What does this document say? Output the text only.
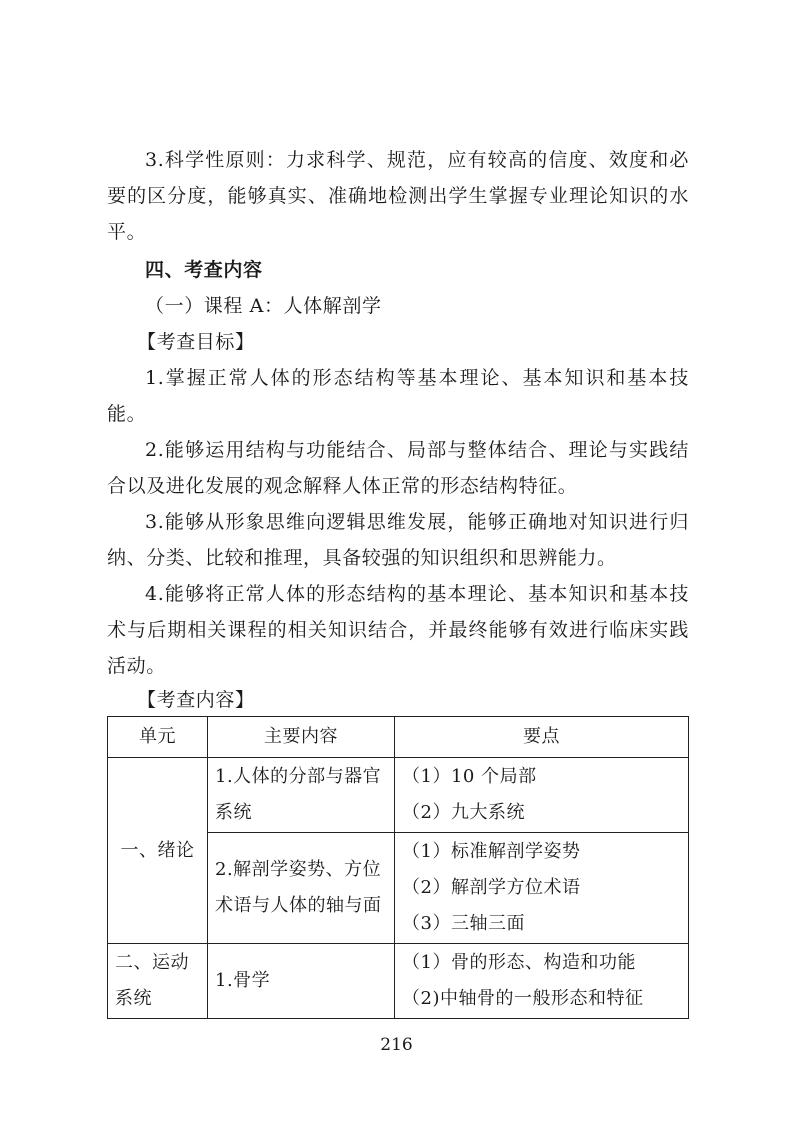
3.科学性原则：力求科学、规范，应有较高的信度、效度和必要的区分度，能够真实、准确地检测出学生掌握专业理论知识的水平。

四、考查内容

（一）课程 A：人体解剖学

【考查目标】

1.掌握正常人体的形态结构等基本理论、基本知识和基本技能。

2.能够运用结构与功能结合、局部与整体结合、理论与实践结合以及进化发展的观念解释人体正常的形态结构特征。

3.能够从形象思维向逻辑思维发展，能够正确地对知识进行归纳、分类、比较和推理，具备较强的知识组织和思辨能力。

4.能够将正常人体的形态结构的基本理论、基本知识和基本技术与后期相关课程的相关知识结合，并最终能够有效进行临床实践活动。

【考查内容】

单元	主要内容	要点
一、绪论	1.人体的分部与器官系统	（1）10 个局部
（2）九大系统

	2.解剖学姿势、方位术语与人体的轴与面	（1）标准解剖学姿势
（2）解剖学方位术语
（3）三轴三面

二、运动系统	1.骨学	（1）骨的形态、构造和功能
（2)中轴骨的一般形态和特征
216
